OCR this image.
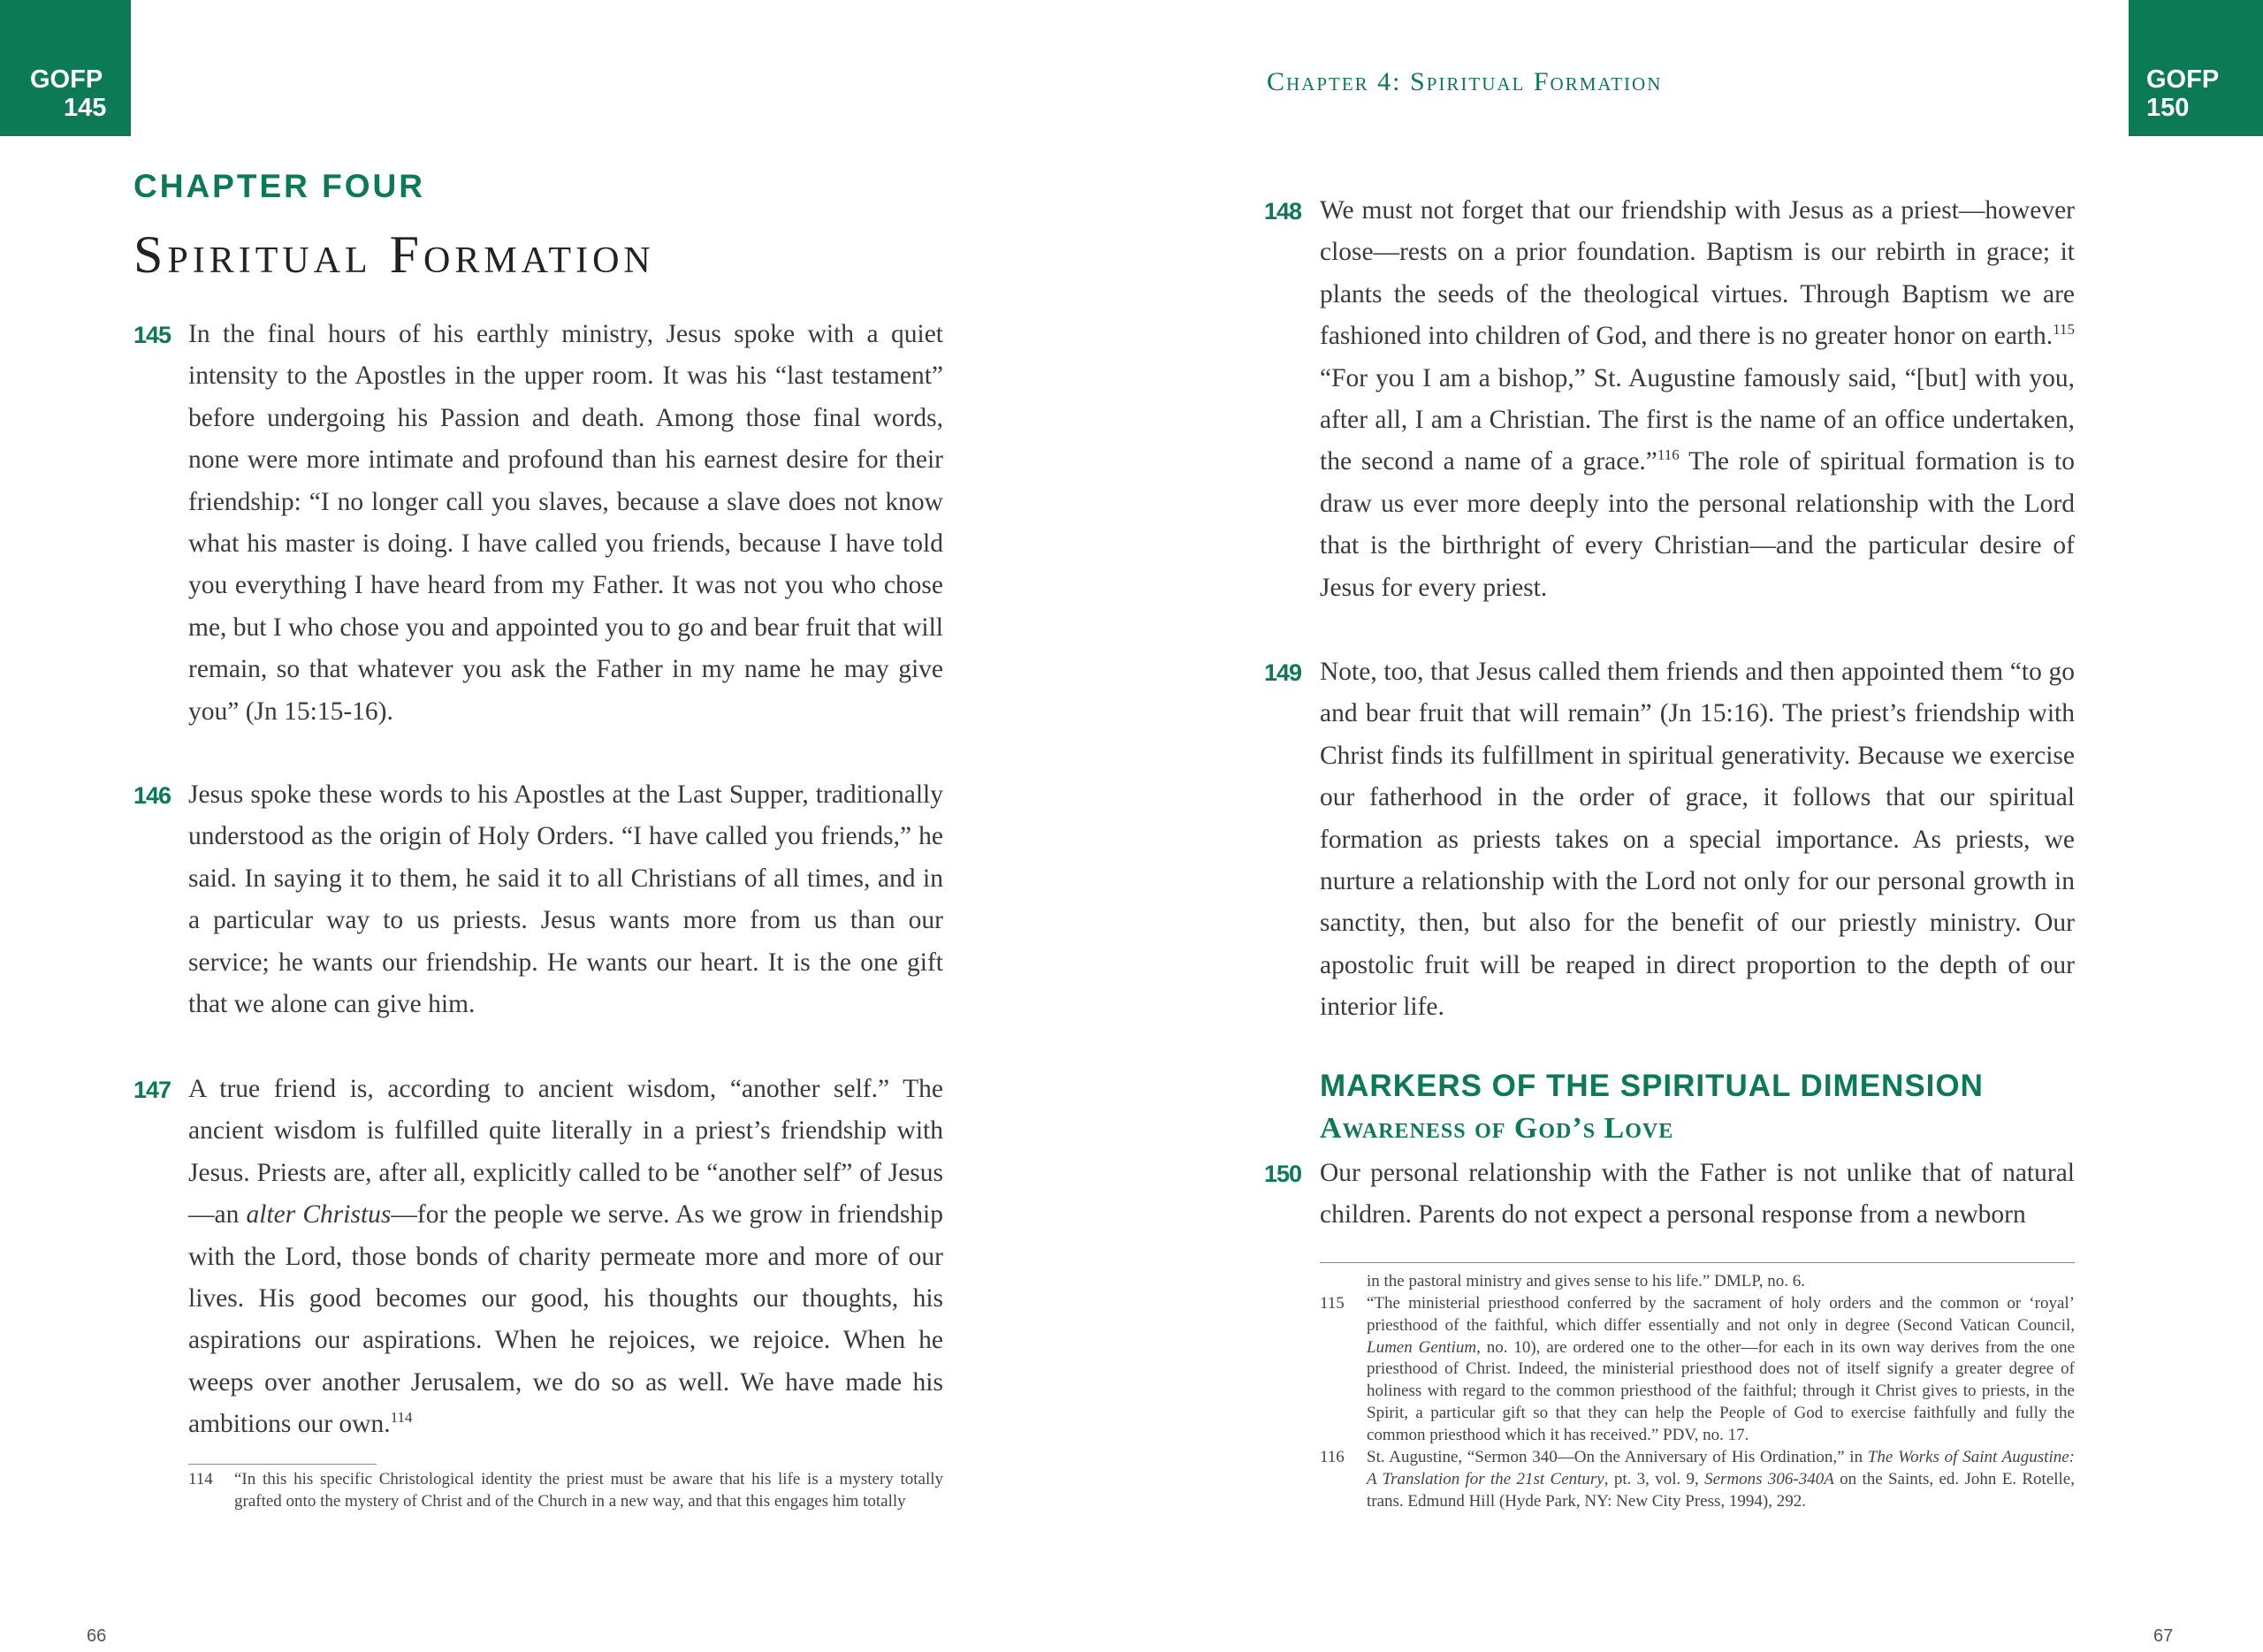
GOFP
145
GOFP
150
Chapter 4: Spiritual Formation
CHAPTER FOUR
Spiritual Formation
145 In the final hours of his earthly ministry, Jesus spoke with a quiet intensity to the Apostles in the upper room. It was his “last testament” before undergoing his Passion and death. Among those final words, none were more intimate and profound than his earnest desire for their friendship: “I no longer call you slaves, because a slave does not know what his master is doing. I have called you friends, because I have told you everything I have heard from my Father. It was not you who chose me, but I who chose you and appointed you to go and bear fruit that will remain, so that whatever you ask the Father in my name he may give you” (Jn 15:15-16).
146 Jesus spoke these words to his Apostles at the Last Supper, traditionally understood as the origin of Holy Orders. “I have called you friends,” he said. In saying it to them, he said it to all Christians of all times, and in a particular way to us priests. Jesus wants more from us than our service; he wants our friendship. He wants our heart. It is the one gift that we alone can give him.
147 A true friend is, according to ancient wisdom, “another self.” The ancient wisdom is fulfilled quite literally in a priest’s friendship with Jesus. Priests are, after all, explicitly called to be “another self” of Jesus—an alter Christus—for the people we serve. As we grow in friendship with the Lord, those bonds of charity permeate more and more of our lives. His good becomes our good, his thoughts our thoughts, his aspirations our aspirations. When he rejoices, we rejoice. When he weeps over another Jerusalem, we do so as well. We have made his ambitions our own.$^{114}$
114 “In this his specific Christological identity the priest must be aware that his life is a mystery totally grafted onto the mystery of Christ and of the Church in a new way, and that this engages him totally
148 We must not forget that our friendship with Jesus as a priest—however close—rests on a prior foundation. Baptism is our rebirth in grace; it plants the seeds of the theological virtues. Through Baptism we are fashioned into children of God, and there is no greater honor on earth.$^{115}$ “For you I am a bishop,” St. Augustine famously said, “[but] with you, after all, I am a Christian. The first is the name of an office undertaken, the second a name of a grace.”$^{116}$ The role of spiritual formation is to draw us ever more deeply into the personal relationship with the Lord that is the birthright of every Christian—and the particular desire of Jesus for every priest.
149 Note, too, that Jesus called them friends and then appointed them “to go and bear fruit that will remain” (Jn 15:16). The priest’s friendship with Christ finds its fulfillment in spiritual generativity. Because we exercise our fatherhood in the order of grace, it follows that our spiritual formation as priests takes on a special importance. As priests, we nurture a relationship with the Lord not only for our personal growth in sanctity, then, but also for the benefit of our priestly ministry. Our apostolic fruit will be reaped in direct proportion to the depth of our interior life.
MARKERS OF THE SPIRITUAL DIMENSION
Awareness of God’s Love
150 Our personal relationship with the Father is not unlike that of natural children. Parents do not expect a personal response from a newborn
in the pastoral ministry and gives sense to his life.” DMLP, no. 6.
115 “The ministerial priesthood conferred by the sacrament of holy orders and the common or ‘royal’ priesthood of the faithful, which differ essentially and not only in degree (Second Vatican Council, Lumen Gentium, no. 10), are ordered one to the other—for each in its own way derives from the one priesthood of Christ. Indeed, the ministerial priesthood does not of itself signify a greater degree of holiness with regard to the common priesthood of the faithful; through it Christ gives to priests, in the Spirit, a particular gift so that they can help the People of God to exercise faithfully and fully the common priesthood which it has received.” PDV, no. 17.
116 St. Augustine, “Sermon 340—On the Anniversary of His Ordination,” in The Works of Saint Augustine: A Translation for the 21st Century, pt. 3, vol. 9, Sermons 306-340A on the Saints, ed. John E. Rotelle, trans. Edmund Hill (Hyde Park, NY: New City Press, 1994), 292.
66	67
